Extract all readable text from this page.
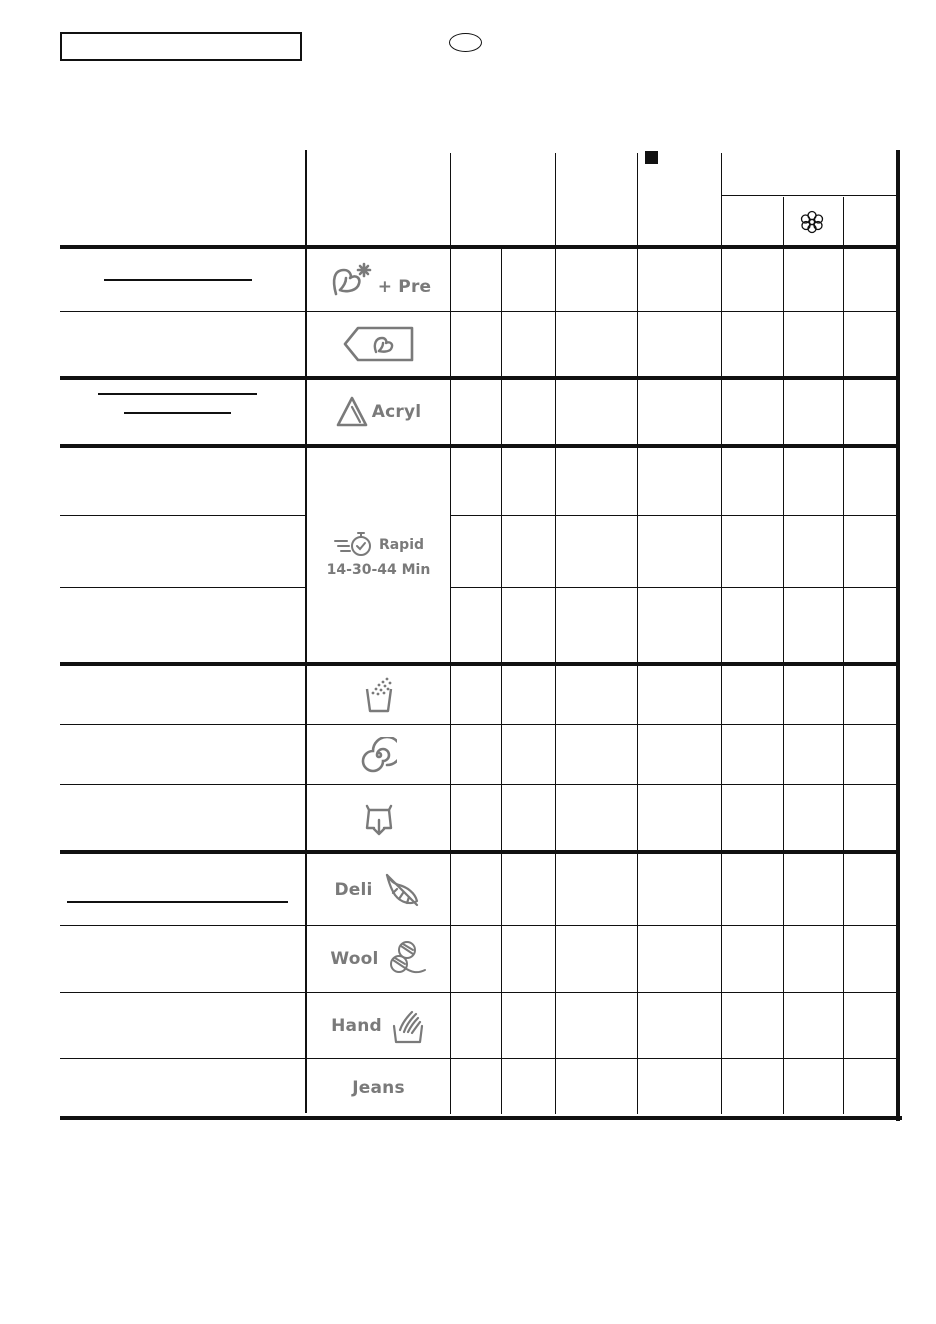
+ Pre
Acryl
Rapid
14-30-44 Min
Deli
Wool
Hand
Jeans
